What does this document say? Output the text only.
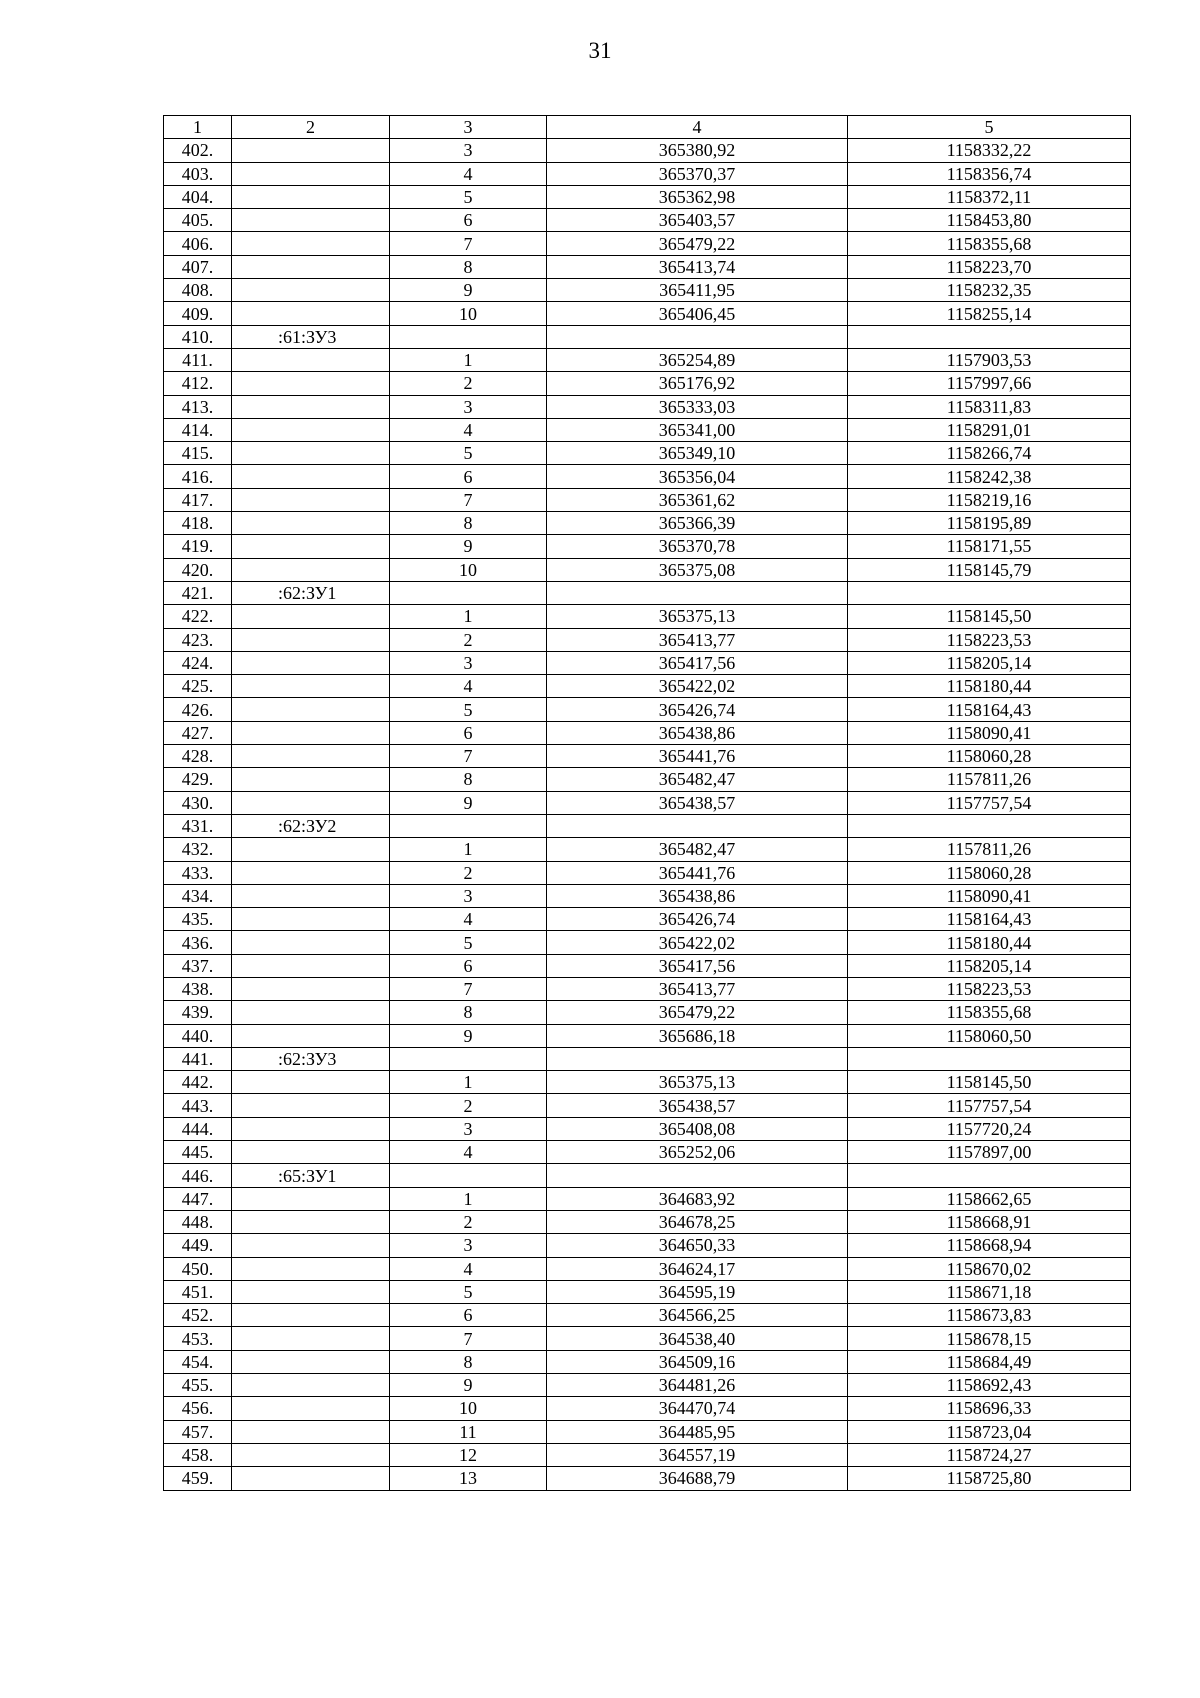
31
1	2	3	4	5
402.		3	365380,92	1158332,22
403.		4	365370,37	1158356,74
404.		5	365362,98	1158372,11
405.		6	365403,57	1158453,80
406.		7	365479,22	1158355,68
407.		8	365413,74	1158223,70
408.		9	365411,95	1158232,35
409.		10	365406,45	1158255,14
410.	:61:ЗУ3			
411.		1	365254,89	1157903,53
412.		2	365176,92	1157997,66
413.		3	365333,03	1158311,83
414.		4	365341,00	1158291,01
415.		5	365349,10	1158266,74
416.		6	365356,04	1158242,38
417.		7	365361,62	1158219,16
418.		8	365366,39	1158195,89
419.		9	365370,78	1158171,55
420.		10	365375,08	1158145,79
421.	:62:ЗУ1			
422.		1	365375,13	1158145,50
423.		2	365413,77	1158223,53
424.		3	365417,56	1158205,14
425.		4	365422,02	1158180,44
426.		5	365426,74	1158164,43
427.		6	365438,86	1158090,41
428.		7	365441,76	1158060,28
429.		8	365482,47	1157811,26
430.		9	365438,57	1157757,54
431.	:62:ЗУ2			
432.		1	365482,47	1157811,26
433.		2	365441,76	1158060,28
434.		3	365438,86	1158090,41
435.		4	365426,74	1158164,43
436.		5	365422,02	1158180,44
437.		6	365417,56	1158205,14
438.		7	365413,77	1158223,53
439.		8	365479,22	1158355,68
440.		9	365686,18	1158060,50
441.	:62:ЗУ3			
442.		1	365375,13	1158145,50
443.		2	365438,57	1157757,54
444.		3	365408,08	1157720,24
445.		4	365252,06	1157897,00
446.	:65:ЗУ1			
447.		1	364683,92	1158662,65
448.		2	364678,25	1158668,91
449.		3	364650,33	1158668,94
450.		4	364624,17	1158670,02
451.		5	364595,19	1158671,18
452.		6	364566,25	1158673,83
453.		7	364538,40	1158678,15
454.		8	364509,16	1158684,49
455.		9	364481,26	1158692,43
456.		10	364470,74	1158696,33
457.		11	364485,95	1158723,04
458.		12	364557,19	1158724,27
459.		13	364688,79	1158725,80
